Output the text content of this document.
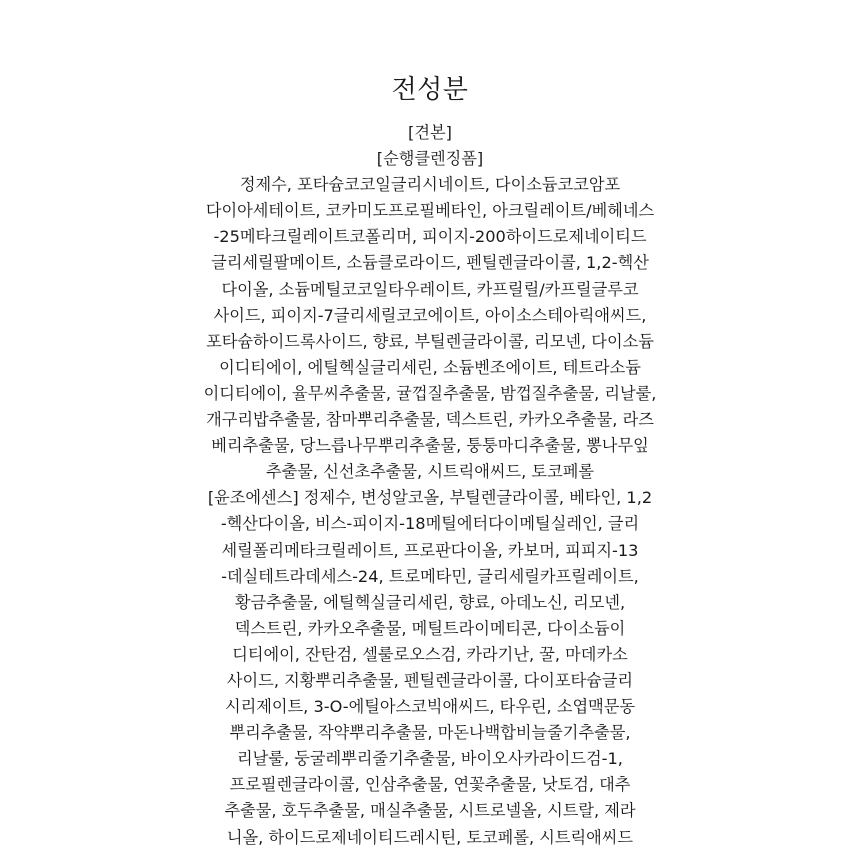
전성분
[견본]
[순행클렌징폼]
정제수, 포타슘코코일글리시네이트, 다이소듐코코암포
다이아세테이트, 코카미도프로필베타인, 아크릴레이트/베헤네스
-25메타크릴레이트코폴리머, 피이지-200하이드로제네이티드
글리세릴팔메이트, 소듐클로라이드, 펜틸렌글라이콜, 1,2-헥산
다이올, 소듐메틸코코일타우레이트, 카프릴릴/카프릴글루코
사이드, 피이지-7글리세릴코코에이트, 아이소스테아릭애씨드,
포타슘하이드록사이드, 향료, 부틸렌글라이콜, 리모넨, 다이소듐
이디티에이, 에틸헥실글리세린, 소듐벤조에이트, 테트라소듐
이디티에이, 율무씨추출물, 귤껍질추출물, 밤껍질추출물, 리날룰,
개구리밥추출물, 참마뿌리추출물, 덱스트린, 카카오추출물, 라즈
베리추출물, 당느릅나무뿌리추출물, 퉁퉁마디추출물, 뽕나무잎
추출물, 신선초추출물, 시트릭애씨드, 토코페롤
[윤조에센스] 정제수, 변성알코올, 부틸렌글라이콜, 베타인, 1,2
-헥산다이올, 비스-피이지-18메틸에터다이메틸실레인, 글리
세릴폴리메타크릴레이트, 프로판다이올, 카보머, 피피지-13
-데실테트라데세스-24, 트로메타민, 글리세릴카프릴레이트,
황금추출물, 에틸헥실글리세린, 향료, 아데노신, 리모넨,
덱스트린, 카카오추출물, 메틸트라이메티콘, 다이소듐이
디티에이, 잔탄검, 셀룰로오스검, 카라기난, 꿀, 마데카소
사이드, 지황뿌리추출물, 펜틸렌글라이콜, 다이포타슘글리
시리제이트, 3-O-에틸아스코빅애씨드, 타우린, 소엽맥문동
뿌리추출물, 작약뿌리추출물, 마돈나백합비늘줄기추출물,
리날룰, 둥굴레뿌리줄기추출물, 바이오사카라이드검-1,
프로필렌글라이콜, 인삼추출물, 연꽃추출물, 낫토검, 대추
추출물, 호두추출물, 매실추출물, 시트로넬올, 시트랄, 제라
니올, 하이드로제네이티드레시틴, 토코페롤, 시트릭애씨드
